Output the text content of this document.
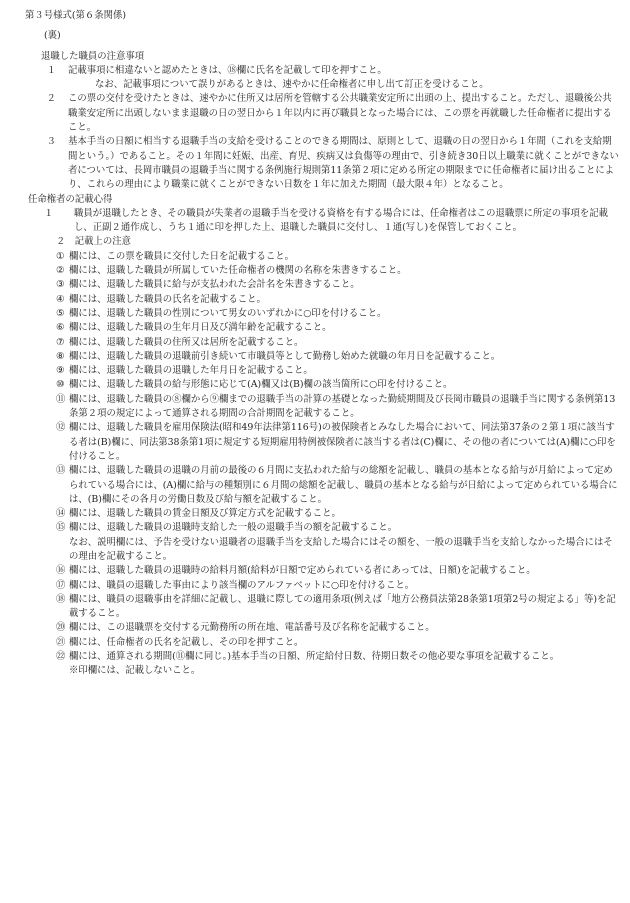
第３号様式(第６条関係)
(裏)
退職した職員の注意事項
１	記載事項に相違ないと認めたときは、⑱欄に氏名を記載して印を押すこと。
なお、記載事項について誤りがあるときは、速やかに任命権者に申し出て訂正を受けること。
２	この票の交付を受けたときは、速やかに住所又は居所を管轄する公共職業安定所に出頭の上、提出すること。ただし、退職後公共職業安定所に出頭しないまま退職の日の翌日から１年以内に再び職員となった場合には、この票を再就職した任命権者に提出すること。
３	基本手当の日額に相当する退職手当の支給を受けることのできる期間は、原則として、退職の日の翌日から１年間（これを支給期間という。）であること。その１年間に妊娠、出産、育児、疾病又は負傷等の理由で、引き続き30日以上職業に就くことができない者については、長岡市職員の退職手当に関する条例施行規則第11条第２項に定める所定の期限までに任命権者に届け出ることにより、これらの理由により職業に就くことができない日数を１年に加えた期間（最大限４年）となること。
任命権者の記載心得
１	職員が退職したとき、その職員が失業者の退職手当を受ける資格を有する場合には、任命権者はこの退職票に所定の事項を記載し、正副２通作成し、うち１通に印を押した上、退職した職員に交付し、１通(写し)を保管しておくこと。
２　記載上の注意
① 欄には、この票を職員に交付した日を記載すること。
② 欄には、退職した職員が所属していた任命権者の機関の名称を朱書きすること。
③ 欄には、退職した職員に給与が支払われた会計名を朱書きすること。
④ 欄には、退職した職員の氏名を記載すること。
⑤ 欄には、退職した職員の性別について男女のいずれかに○印を付けること。
⑥ 欄には、退職した職員の生年月日及び満年齢を記載すること。
⑦ 欄には、退職した職員の住所又は居所を記載すること。
⑧ 欄には、退職した職員の退職前引き続いて市職員等として勤務し始めた就職の年月日を記載すること。
⑨ 欄には、退職した職員の退職した年月日を記載すること。
⑩ 欄には、退職した職員の給与形態に応じて(A)欄又は(B)欄の該当箇所に○印を付けること。
⑪ 欄には、退職した職員の⑧欄から⑨欄までの退職手当の計算の基礎となった勤続期間及び長岡市職員の退職手当に関する条例第13条第２項の規定によって通算される期間の合計期間を記載すること。
⑫ 欄には、退職した職員を雇用保険法(昭和49年法律第116号)の被保険者とみなした場合において、同法第37条の２第１項に該当する者は(B)欄に、同法第38条第1項に規定する短期雇用特例被保険者に該当する者は(C)欄に、その他の者については(A)欄に○印を付けること。
⑬ 欄には、退職した職員の退職の月前の最後の６月間に支払われた給与の総額を記載し、職員の基本となる給与が月給によって定められている場合には、(A)欄に給与の種類別に６月間の総額を記載し、職員の基本となる給与が日給によって定められている場合には、(B)欄にその各月の労働日数及び給与額を記載すること。
⑭ 欄には、退職した職員の賃金日額及び算定方式を記載すること。
⑮ 欄には、退職した職員の退職時支給した一般の退職手当の額を記載すること。
なお、説明欄には、予告を受けない退職者の退職手当を支給した場合にはその額を、一般の退職手当を支給しなかった場合にはその理由を記載すること。
⑯ 欄には、退職した職員の退職時の給料月額(給料が日額で定められている者にあっては、日額)を記載すること。
⑰ 欄には、職員の退職した事由により該当欄のアルファベットに○印を付けること。
⑱ 欄には、職員の退職事由を詳細に記載し、退職に際しての適用条項(例えば「地方公務員法第28条第1項第2号の規定よる」等)を記載すること。
⑳ 欄には、この退職票を交付する元勤務所の所在地、電話番号及び名称を記載すること。
㉑ 欄には、任命権者の氏名を記載し、その印を押すこと。
㉒ 欄には、通算される期間(⑪欄に同じ。)基本手当の日額、所定給付日数、待期日数その他必要な事項を記載すること。
※印欄には、記載しないこと。
